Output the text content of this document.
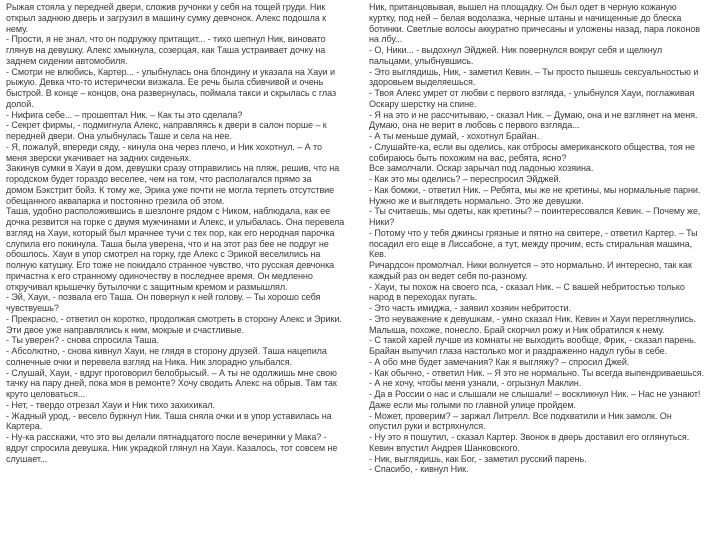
Рыжая стояла у передней двери, сложив ручонки у себя на тощей груди. Ник
открыл заднюю дверь и загрузил в машину сумку девчонок. Алекс подошла к
нему.
- Прости, я не знал, что он подружку притащит... - тихо шепнул Ник, виновато
глянув на девушку. Алекс хмыкнула, созерцая, как Таша устраивает дочку на
заднем сидении автомобиля.
- Смотри не влюбись, Картер... - улыбнулась она блондину и указала на Хауи и
рыжую. Девка что-то истерически визжала. Ее речь была сбивчивой и очень
быстрой. В конце – концов, она развернулась, поймала такси и скрылась с глаз
долой.
- Нифига себе... – прошептал Ник. – Как ты это сделала?
- Секрет фирмы, - подмигнула Алекс, направляясь к двери в салон порше – к
передней двери. Она улыбнулась Таше и села на нее.
- Я, пожалуй, впереди сяду, - кинула она через плечо, и Ник хохотнул. – А то
меня зверски укачивает на задних сиденьях.
Закинув сумки в Хауи в дом, девушки сразу отправились на пляж, решив, что на
городском будет гораздо веселее, чем на том, что располагался прямо за
домом Бэкстрит бойз. К тому же, Эрика уже почти не могла терпеть отсутствие
обещанного аквапарка и постоянно грезила об этом.
Таша, удобно расположившись в шезлонге рядом с Ником, наблюдала, как ее
дочка резвится на горке с двумя мужчинами и Алекс, и улыбалась. Она перевела
взгляд на Хауи, который был мрачнее тучи с тех пор, как его неродная парочка
слупила его покинула. Таша была уверена, что и на этот раз бее не подруг не
обошлось. Хауи в упор смотрел на горку, где Алекс с Эрикой веселились на
полную катушку. Его тоже не покидало странное чувство, что русская девчонка
причастна к его странному одиночеству в последнее время. Он медленно
откручивал крышечку бутылочки с защитным кремом и размышлял.
- Эй, Хауи, - позвала его Таша. Он повернул к ней голову. – Ты хорошо себя
чувствуешь?
- Прекрасно, - ответил он коротко, продолжая смотреть в сторону Алекс и Эрики.
Эти двое уже направлялись к ним, мокрые и счастливые.
- Ты уверен? - снова спросила Таша.
- Абсолютно, - снова кивнул Хауи, не глядя в сторону друзей. Таша нацепила
солнечные очки и перевела взгляд на Ника. Ник злорадно улыбался.
- Слушай, Хауи, - вдруг проговорил белобрысый. – А ты не одолжишь мне свою
тачку на пару дней, пока моя в ремонте? Хочу сводить Алекс на обрыв. Там так
круто целоваться...
- Нет, - твердо отрезал Хауи и Ник тихо захихикал.
- Жадный урод, - весело буркнул Ник. Таша сняла очки и в упор уставилась на
Картера.
- Ну-ка расскажи, что это вы делали пятнадцатого после вечеринки у Мака? -
вдруг спросила девушка. Ник украдкой глянул на Хауи. Казалось, тот совсем не
слушает...
Ник, пританцовывая, вышел на площадку. Он был одет в черную кожаную
куртку, под ней – белая водолазка, черные штаны и начищенные до блеска
ботинки. Светлые волосы аккуратно причесаны и уложены назад, пара локонов
на лбу...
- О, Ники... - выдохнул Эйджей. Ник повернулся вокруг себя и щелкнул
пальцами, улыбнувшись.
- Это выглядишь, Ник, - заметил Кевин. – Ты просто пышешь сексуальностью и
здоровьем выделяешься.
- Твоя Алекс умрет от любви с первого взгляда, - улыбнулся Хауи, поглаживая
Оскару шерстку на спине.
- Я на это и не рассчитываю, - сказал Ник. – Думаю, она и не взглянет на меня.
Думаю, она не верит в любовь с первого взгляда...
- А ты меньше думай, - хохотнул Брайан.
- Слушайте-ка, если вы оделись, как отбросы американского общества, тоя не
собираюсь быть похожим на вас, ребята, ясно?
Все замолчали. Оскар зарычал под ладонью хозяина.
- Как это мы оделись? – переспросил Эйджей.
- Как бомжи, - ответил Ник. – Ребята, мы же не кретины, мы нормальные парни.
Нужно же и выглядеть нормально. Это же девушки.
- Ты считаешь, мы одеты, как кретины? – поинтересовался Кевин. – Почему же,
Ники?
- Потому что у тебя джинсы грязные и пятно на свитере, - ответил Картер. – Ты
посадил его еще в Лиссабоне, а тут, между прочим, есть стиральная машина,
Кев.
Ричардсон промолчал. Ники волнуется – это нормально. И интересно, так как
каждый раз он ведет себя по-разному.
- Хауи, ты похож на своего пса, - сказал Ник. – С вашей небритостью только
народ в переходах пугать.
- Это часть имиджа, - заявил хозяин небритости.
- Это неуважение к девушкам, - умно сказал Ник. Кевин и Хауи переглянулись.
Малыша, похоже, понесло. Брай скорчил рожу и Ник обратился к нему.
- С такой харей лучше из комнаты не выходить вообще, Фрик, - сказал парень.
Брайан выпучил глаза настолько мог и раздраженно надул губы в себе.
- А обо мне будет замечания? Как я выгляжу? – спросил Джей.
- Как обычно, - ответил Ник. – Я это не нормально. Ты всегда выпендриваешься.
- А не хочу, чтобы меня узнали, - огрызнул Маклин.
- Да в России о нас и слышали не слышали! – воскликнул Ник. – Нас не узнают!
Даже если мы голыми по главной улице пройдем.
- Может, проверим? – заржал Литрелл. Все подхватили и Ник замолк. Он
опустил руки и встряхнулся.
- Ну это я пошутил, - сказал Картер. Звонок в дверь доставил его оглянуться.
Кевин впустил Андрея Шанковского.
- Ник, выглядишь, как Бог, - заметил русский парень.
- Спасибо, - кивнул Ник.
